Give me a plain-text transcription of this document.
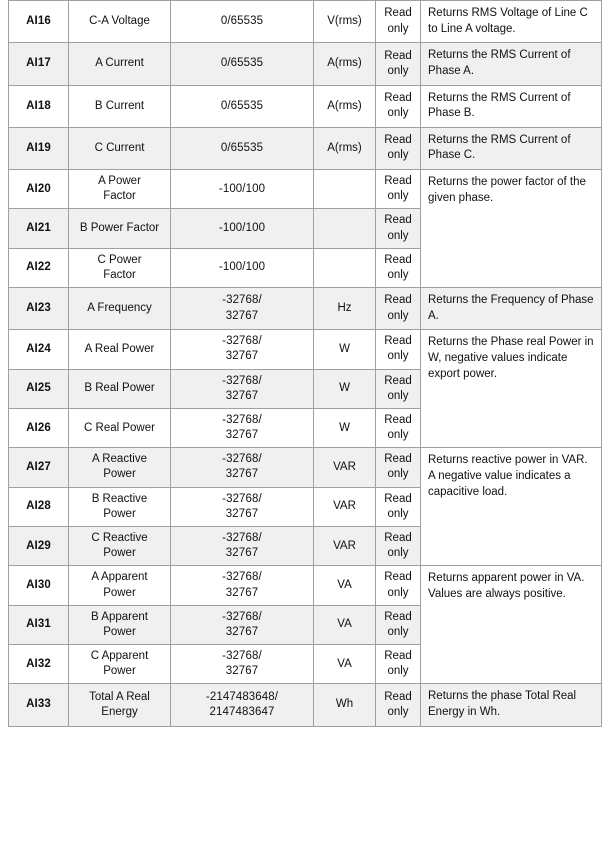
AI16	C-A Voltage	0/65535	V(rms)	Read
only	Returns RMS Voltage of Line C to Line A voltage.
AI17	A Current	0/65535	A(rms)	Read
only	Returns the RMS Current of Phase A.
AI18	B Current	0/65535	A(rms)	Read
only	Returns the RMS Current of Phase B.
AI19	C Current	0/65535	A(rms)	Read
only	Returns the RMS Current of Phase C.
AI20	A Power
Factor	-100/100		Read
only	Returns the power factor of the given phase.
AI21	B Power Factor	-100/100		Read
only	

AI22	C Power
Factor	-100/100		Read
only	

AI23	A Frequency	-32768/
32767	Hz	Read
only	Returns the Frequency of Phase A.
AI24	A Real Power	-32768/
32767	W	Read
only	Returns the Phase real Power in W, negative values indicate export power.
AI25	B Real Power	-32768/
32767	W	Read
only	

AI26	C Real Power	-32768/
32767	W	Read
only	

AI27	A Reactive
Power	-32768/
32767	VAR	Read
only	Returns reactive power in VAR. A negative value indicates a capacitive load.
AI28	B Reactive
Power	-32768/
32767	VAR	Read
only	

AI29	C Reactive
Power	-32768/
32767	VAR	Read
only	

AI30	A Apparent
Power	-32768/
32767	VA	Read
only	Returns apparent power in VA. Values are always positive.
AI31	B Apparent
Power	-32768/
32767	VA	Read
only	

AI32	C Apparent
Power	-32768/
32767	VA	Read
only	

AI33	Total A Real
Energy	-2147483648/
2147483647	Wh	Read
only	Returns the phase Total Real Energy in Wh.
